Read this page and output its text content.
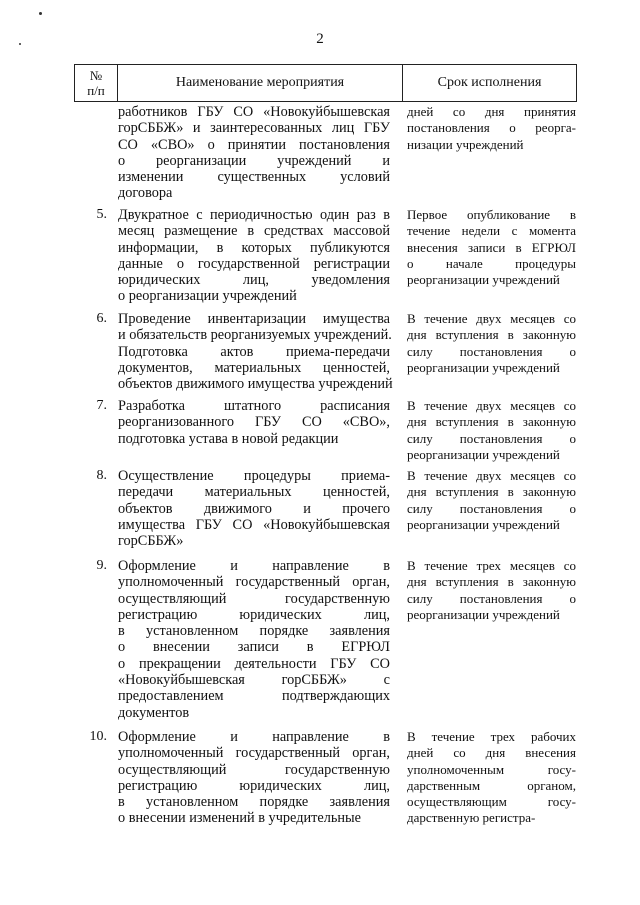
2
№
п/п
Наименование мероприятия	Срок исполнения
работников ГБУ СО «Новокуйбышевская
горСББЖ» и заинтересованных лиц ГБУ
СО «СВО» о принятии постановления
о реорганизации учреждений и
изменении существенных условий
договора
дней со дня принятия
постановления о реорга-
низации учреждений
5. Двукратное с периодичностью один раз в
месяц размещение в средствах массовой
информации, в которых публикуются
данные о государственной регистрации
юридических лиц, уведомления
о реорганизации учреждений
Первое опубликование в
течение недели с момента
внесения записи в ЕГРЮЛ
о начале процедуры
реорганизации учреждений
6. Проведение инвентаризации имущества
и обязательств реорганизуемых учреждений.
Подготовка актов приема-передачи
документов, материальных ценностей,
объектов движимого имущества учреждений
В течение двух месяцев со
дня вступления в законную
силу постановления о
реорганизации учреждений
7. Разработка штатного расписания
реорганизованного ГБУ СО «СВО»,
подготовка устава в новой редакции
В течение двух месяцев со
дня вступления в законную
силу постановления о
реорганизации учреждений
8. Осуществление процедуры приема-
передачи материальных ценностей,
объектов движимого и прочего
имущества ГБУ СО «Новокуйбышевская
горСББЖ»
В течение двух месяцев со
дня вступления в законную
силу постановления о
реорганизации учреждений
9. Оформление и направление в
уполномоченный государственный орган,
осуществляющий государственную
регистрацию юридических лиц,
в установленном порядке заявления
о внесении записи в ЕГРЮЛ
о прекращении деятельности ГБУ СО
«Новокуйбышевская горСББЖ» с
предоставлением подтверждающих
документов
В течение трех месяцев со
дня вступления в законную
силу постановления о
реорганизации учреждений
10. Оформление и направление в
уполномоченный государственный орган,
осуществляющий государственную
регистрацию юридических лиц,
в установленном порядке заявления
о внесении изменений в учредительные
В течение трех рабочих
дней со дня внесения
уполномоченным госу-
дарственным органом,
осуществляющим госу-
дарственную регистра-
